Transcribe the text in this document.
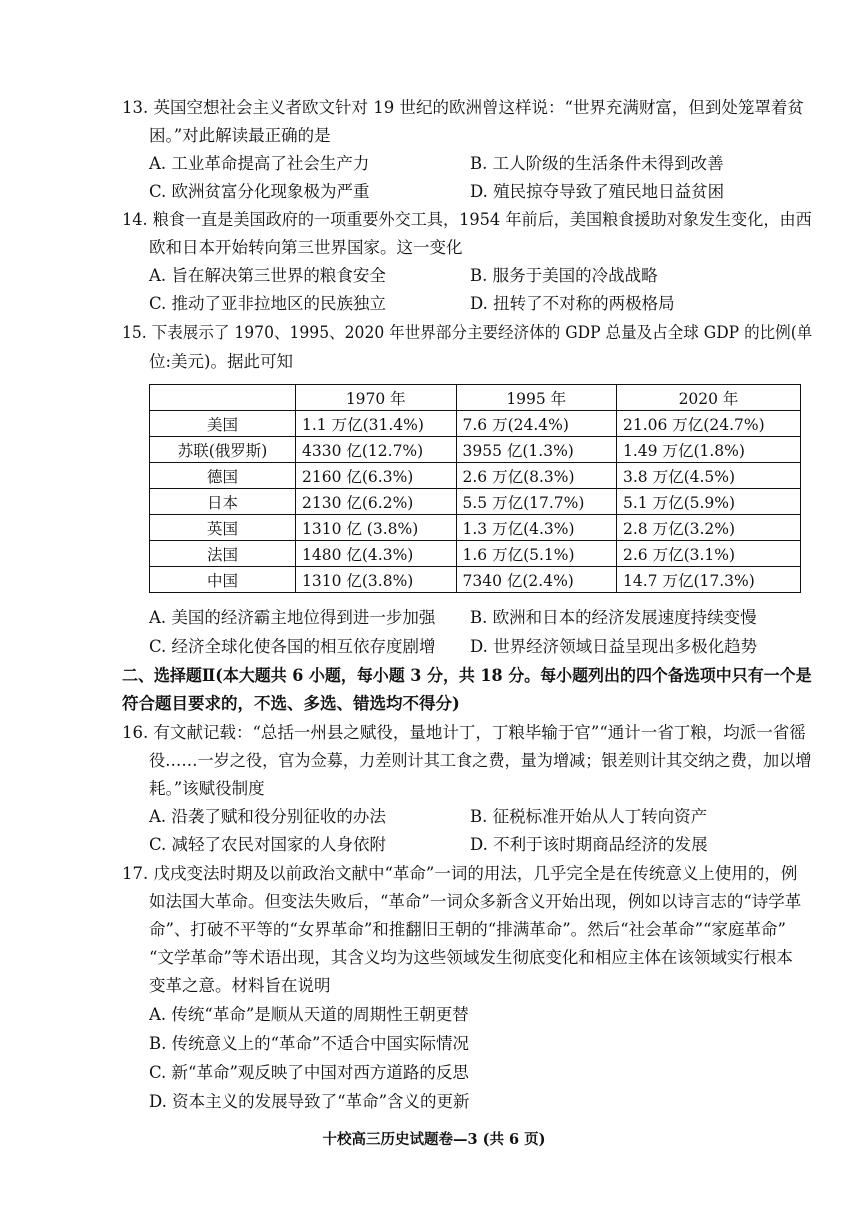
13. 英国空想社会主义者欧文针对 19 世纪的欧洲曾这样说：“世界充满财富，但到处笼罩着贫
困。”对此解读最正确的是
A. 工业革命提高了社会生产力	B. 工人阶级的生活条件未得到改善
C. 欧洲贫富分化现象极为严重	D. 殖民掠夺导致了殖民地日益贫困
14. 粮食一直是美国政府的一项重要外交工具，1954 年前后，美国粮食援助对象发生变化，由西
欧和日本开始转向第三世界国家。这一变化
A. 旨在解决第三世界的粮食安全	B. 服务于美国的冷战战略
C. 推动了亚非拉地区的民族独立	D. 扭转了不对称的两极格局
15. 下表展示了 1970、1995、2020 年世界部分主要经济体的 GDP 总量及占全球 GDP 的比例(单
位:美元)。据此可知
	1970 年	1995 年	2020 年
美国	1.1 万亿(31.4%)	7.6 万(24.4%)	21.06 万亿(24.7%)
苏联(俄罗斯)	4330 亿(12.7%)	3955 亿(1.3%)	1.49 万亿(1.8%)
德国	2160 亿(6.3%)	2.6 万亿(8.3%)	3.8 万亿(4.5%)
日本	2130 亿(6.2%)	5.5 万亿(17.7%)	5.1 万亿(5.9%)
英国	1310 亿 (3.8%)	1.3 万亿(4.3%)	2.8 万亿(3.2%)
法国	1480 亿(4.3%)	1.6 万亿(5.1%)	2.6 万亿(3.1%)
中国	1310 亿(3.8%)	7340 亿(2.4%)	14.7 万亿(17.3%)
A. 美国的经济霸主地位得到进一步加强 B. 欧洲和日本的经济发展速度持续变慢
C. 经济全球化使各国的相互依存度剧增 D. 世界经济领域日益呈现出多极化趋势
二、选择题Ⅱ(本大题共 6 小题，每小题 3 分，共 18 分。每小题列出的四个备选项中只有一个是
符合题目要求的，不选、多选、错选均不得分)
16. 有文献记载：“总括一州县之赋役，量地计丁，丁粮毕输于官”“通计一省丁粮，均派一省徭
役……一岁之役，官为佥募，力差则计其工食之费，量为增减；银差则计其交纳之费，加以增
耗。”该赋役制度
A. 沿袭了赋和役分别征收的办法	B. 征税标准开始从人丁转向资产
C. 减轻了农民对国家的人身依附	D. 不利于该时期商品经济的发展
17. 戊戌变法时期及以前政治文献中“革命”一词的用法，几乎完全是在传统意义上使用的，例
如法国大革命。但变法失败后，“革命”一词众多新含义开始出现，例如以诗言志的“诗学革
命”、打破不平等的“女界革命”和推翻旧王朝的“排满革命”。然后“社会革命”“家庭革命”
“文学革命”等术语出现，其含义均为这些领域发生彻底变化和相应主体在该领域实行根本
变革之意。材料旨在说明
A. 传统“革命”是顺从天道的周期性王朝更替
B. 传统意义上的“革命”不适合中国实际情况
C. 新“革命”观反映了中国对西方道路的反思
D. 资本主义的发展导致了“革命”含义的更新
十校高三历史试题卷—3 (共 6 页)
